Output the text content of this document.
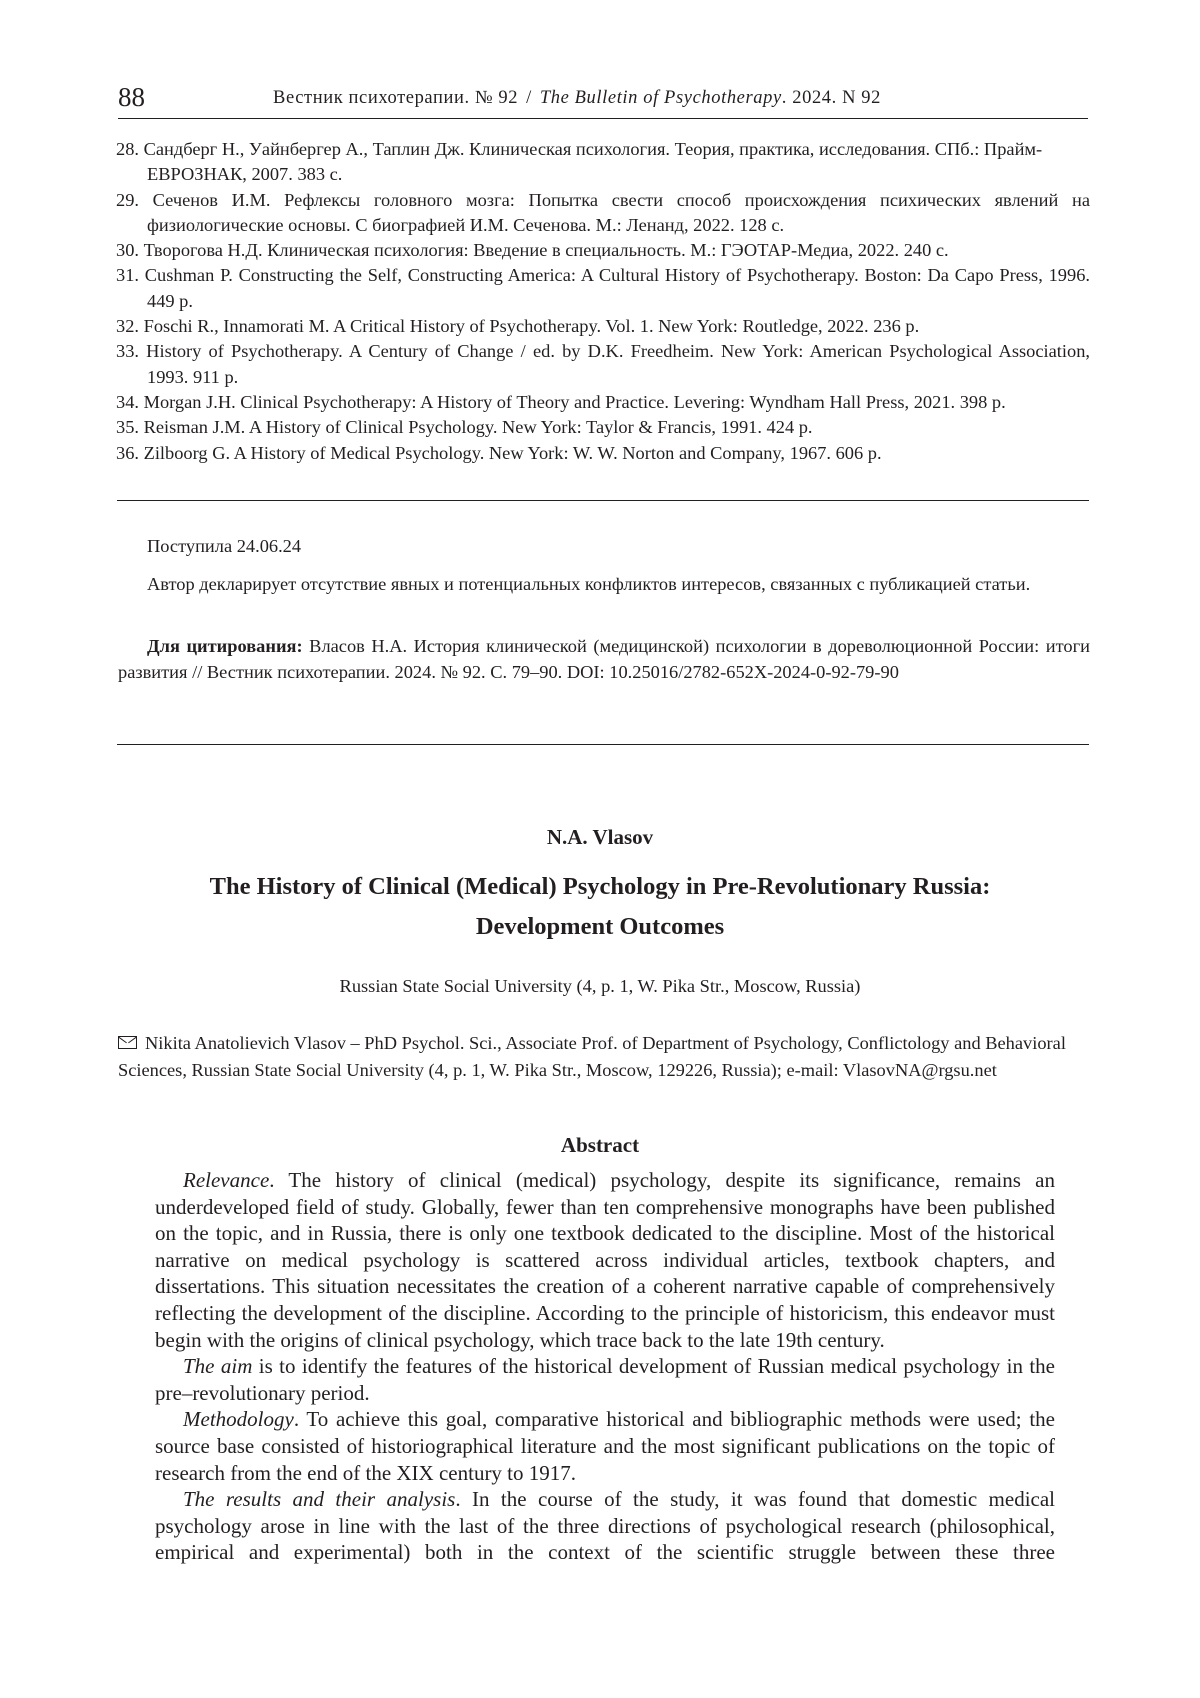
88	Вестник психотерапии. № 92 / The Bulletin of Psychotherapy. 2024. N 92
28. Сандберг Н., Уайнбергер А., Таплин Дж. Клиническая психология. Теория, практика, исследования. СПб.: Прайм-ЕВРОЗНАК, 2007. 383 с.
29. Сеченов И.М. Рефлексы головного мозга: Попытка свести способ происхождения психических явлений на физиологические основы. С биографией И.М. Сеченова. М.: Ленанд, 2022. 128 с.
30. Творогова Н.Д. Клиническая психология: Введение в специальность. М.: ГЭОТАР-Медиа, 2022. 240 с.
31. Cushman P. Constructing the Self, Constructing America: A Cultural History of Psychotherapy. Boston: Da Capo Press, 1996. 449 p.
32. Foschi R., Innamorati M. A Critical History of Psychotherapy. Vol. 1. New York: Routledge, 2022. 236 p.
33. History of Psychotherapy. A Century of Change / ed. by D.K. Freedheim. New York: American Psychological Association, 1993. 911 p.
34. Morgan J.H. Clinical Psychotherapy: A History of Theory and Practice. Levering: Wyndham Hall Press, 2021. 398 p.
35. Reisman J.M. A History of Clinical Psychology. New York: Taylor & Francis, 1991. 424 p.
36. Zilboorg G. A History of Medical Psychology. New York: W. W. Norton and Company, 1967. 606 p.
Поступила 24.06.24
Автор декларирует отсутствие явных и потенциальных конфликтов интересов, связанных с публикацией статьи.
Для цитирования: Власов Н.А. История клинической (медицинской) психологии в дореволюционной России: итоги развития // Вестник психотерапии. 2024. № 92. С. 79–90. DOI: 10.25016/2782-652X-2024-0-92-79-90
N.A. Vlasov
The History of Clinical (Medical) Psychology in Pre-Revolutionary Russia:
Development Outcomes
Russian State Social University (4, p. 1, W. Pika Str., Moscow, Russia)
Nikita Anatolievich Vlasov – PhD Psychol. Sci., Associate Prof. of Department of Psychology, Conflictology and Behavioral Sciences, Russian State Social University (4, p. 1, W. Pika Str., Moscow, 129226, Russia); e-mail: VlasovNA@rgsu.net
Abstract

Relevance. The history of clinical (medical) psychology, despite its significance, remains an underdeveloped field of study. Globally, fewer than ten comprehensive monographs have been published on the topic, and in Russia, there is only one textbook dedicated to the discipline. Most of the historical narrative on medical psychology is scattered across individual articles, textbook chapters, and dissertations. This situation necessitates the creation of a coherent narrative capable of comprehensively reflecting the development of the discipline. According to the principle of historicism, this endeavor must begin with the origins of clinical psychology, which trace back to the late 19th century.

The aim is to identify the features of the historical development of Russian medical psychology in the pre–revolutionary period.

Methodology. To achieve this goal, comparative historical and bibliographic methods were used; the source base consisted of historiographical literature and the most significant publications on the topic of research from the end of the XIX century to 1917.

The results and their analysis. In the course of the study, it was found that domestic medical psychology arose in line with the last of the three directions of psychological research (philosophical, empirical and experimental) both in the context of the scientific struggle between these three
